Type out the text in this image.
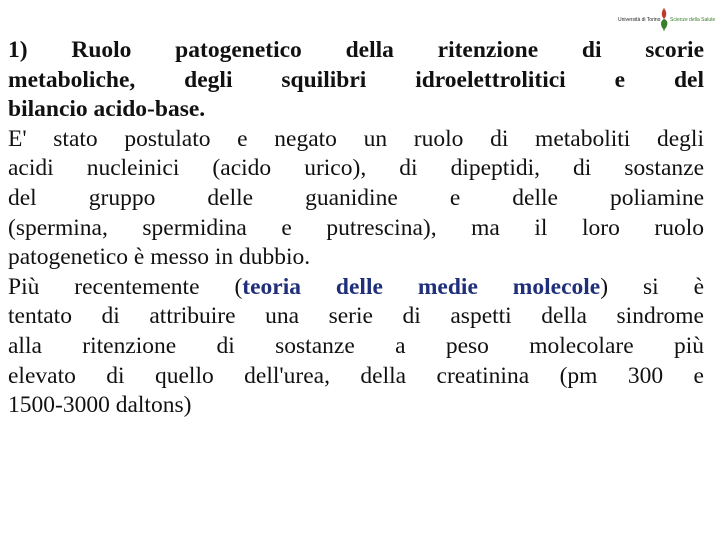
Università di Torino Scienze della Salute
1) Ruolo patogenetico della ritenzione di scorie
metaboliche, degli squilibri idroelettrolitici e del
bilancio acido-base.
E' stato postulato e negato un ruolo di metaboliti degli
acidi nucleinici (acido urico), di dipeptidi, di sostanze
del gruppo delle guanidine e delle poliamine
(spermina, spermidina e putrescina), ma il loro ruolo
patogenetico è messo in dubbio.
Più recentemente (teoria delle medie molecole) si è
tentato di attribuire una serie di aspetti della sindrome
alla ritenzione di sostanze a peso molecolare più
elevato di quello dell'urea, della creatinina (pm 300 e
1500-3000 daltons)
